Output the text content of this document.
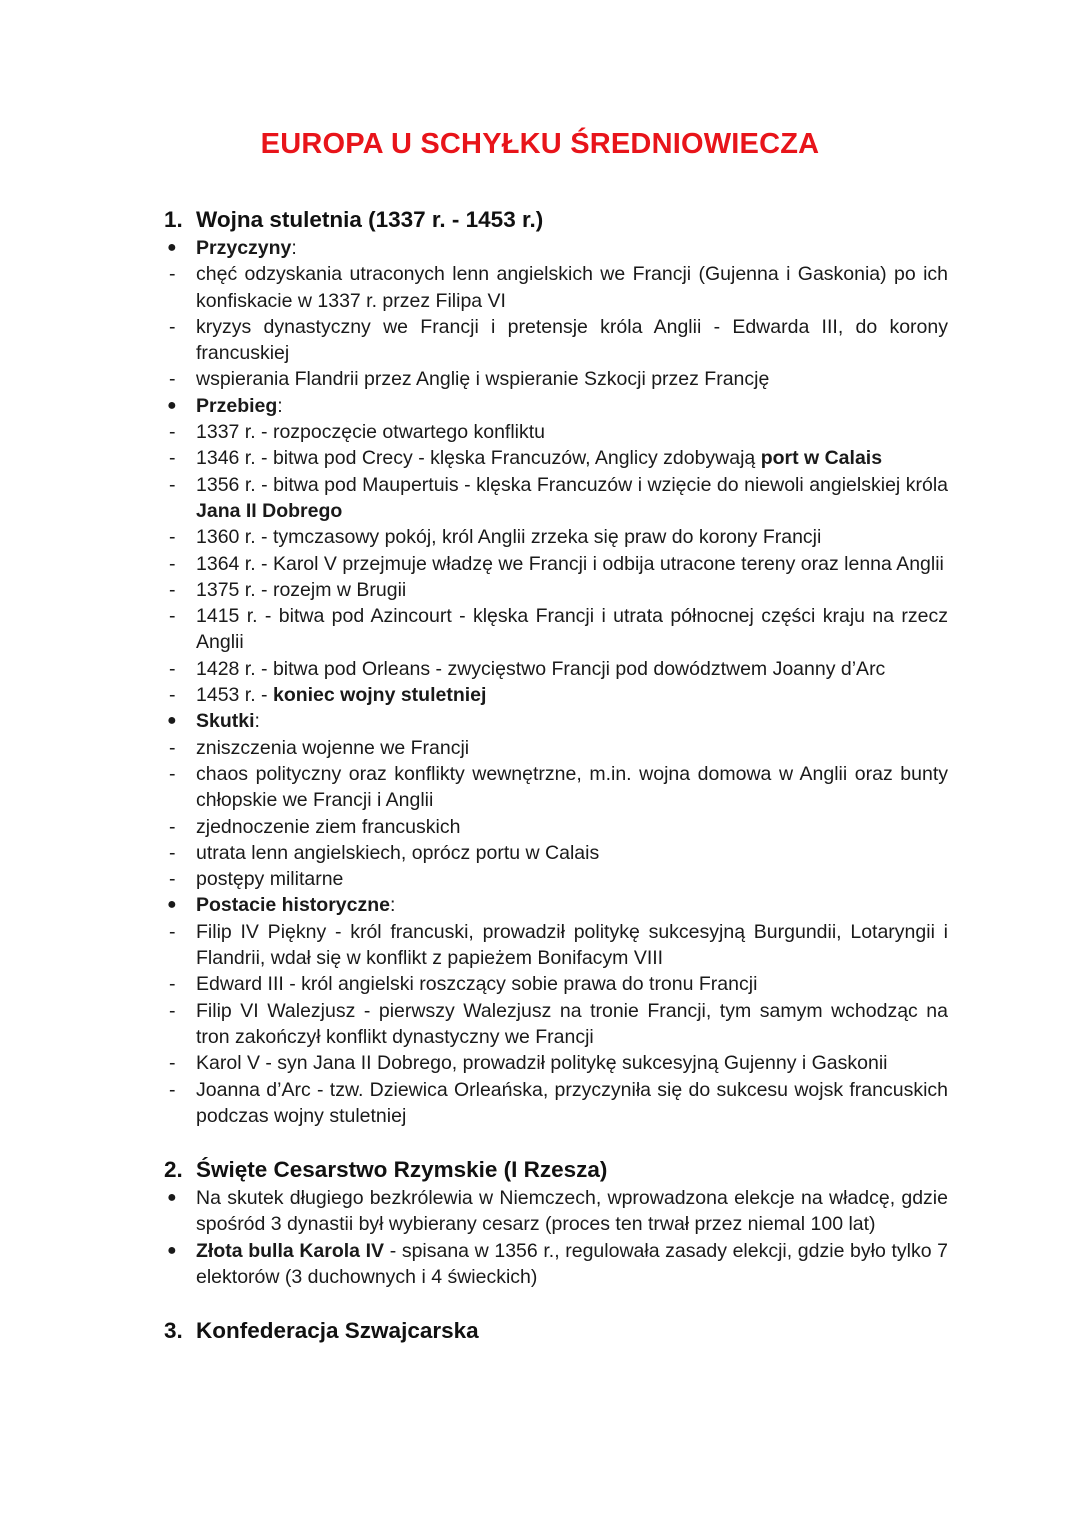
EUROPA U SCHYŁKU ŚREDNIOWIECZA
1. Wojna stuletnia (1337 r. - 1453 r.)
● Przyczyny:
- chęć odzyskania utraconych lenn angielskich we Francji (Gujenna i Gaskonia) po ich konfiskacie w 1337 r. przez Filipa VI
- kryzys dynastyczny we Francji i pretensje króla Anglii - Edwarda III, do korony francuskiej
- wspierania Flandrii przez Anglię i wspieranie Szkocji przez Francję
● Przebieg:
- 1337 r. - rozpoczęcie otwartego konfliktu
- 1346 r. - bitwa pod Crecy - klęska Francuzów, Anglicy zdobywają port w Calais
- 1356 r. - bitwa pod Maupertuis - klęska Francuzów i wzięcie do niewoli angielskiej króla Jana II Dobrego
- 1360 r. - tymczasowy pokój, król Anglii zrzeka się praw do korony Francji
- 1364 r. - Karol V przejmuje władzę we Francji i odbija utracone tereny oraz lenna Anglii
- 1375 r. - rozejm w Brugii
- 1415 r. - bitwa pod Azincourt - klęska Francji i utrata północnej części kraju na rzecz Anglii
- 1428 r. - bitwa pod Orleans - zwycięstwo Francji pod dowództwem Joanny d’Arc
- 1453 r. - koniec wojny stuletniej
● Skutki:
- zniszczenia wojenne we Francji
- chaos polityczny oraz konflikty wewnętrzne, m.in. wojna domowa w Anglii oraz bunty chłopskie we Francji i Anglii
- zjednoczenie ziem francuskich
- utrata lenn angielskiech, oprócz portu w Calais
- postępy militarne
● Postacie historyczne:
- Filip IV Piękny - król francuski, prowadził politykę sukcesyjną Burgundii, Lotaryngii i Flandrii, wdał się w konflikt z papieżem Bonifacym VIII
- Edward III - król angielski roszczący sobie prawa do tronu Francji
- Filip VI Walezjusz - pierwszy Walezjusz na tronie Francji, tym samym wchodząc na tron zakończył konflikt dynastyczny we Francji
- Karol V - syn Jana II Dobrego, prowadził politykę sukcesyjną Gujenny i Gaskonii
- Joanna d’Arc - tzw. Dziewica Orleańska, przyczyniła się do sukcesu wojsk francuskich podczas wojny stuletniej
2. Święte Cesarstwo Rzymskie (I Rzesza)
● Na skutek długiego bezkrólewia w Niemczech, wprowadzona elekcje na władcę, gdzie spośród 3 dynastii był wybierany cesarz (proces ten trwał przez niemal 100 lat)
● Złota bulla Karola IV - spisana w 1356 r., regulowała zasady elekcji, gdzie było tylko 7 elektorów (3 duchownych i 4 świeckich)
3. Konfederacja Szwajcarska
